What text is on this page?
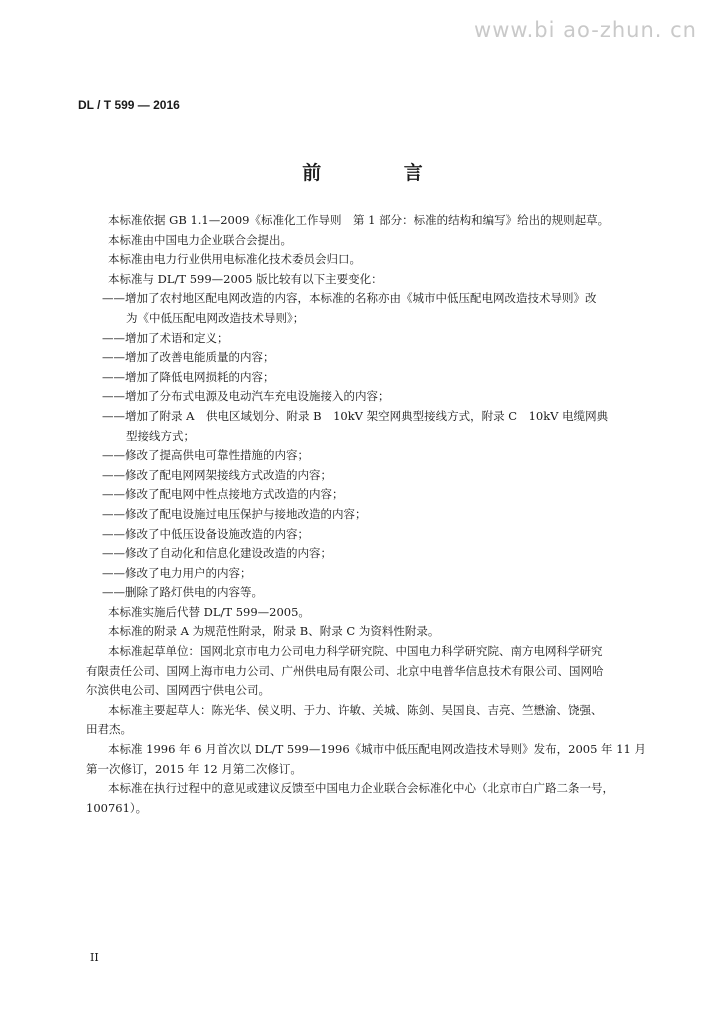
www.bi ao-zhun. cn
DL / T 599 — 2016
前 言
本标准依据 GB 1.1—2009《标准化工作导则　第 1 部分：标准的结构和编写》给出的规则起草。
本标准由中国电力企业联合会提出。
本标准由电力行业供用电标准化技术委员会归口。
本标准与 DL/T 599—2005 版比较有以下主要变化：
——增加了农村地区配电网改造的内容，本标准的名称亦由《城市中低压配电网改造技术导则》改
为《中低压配电网改造技术导则》；
——增加了术语和定义；
——增加了改善电能质量的内容；
——增加了降低电网损耗的内容；
——增加了分布式电源及电动汽车充电设施接入的内容；
——增加了附录 A　供电区域划分、附录 B　10kV 架空网典型接线方式，附录 C　10kV 电缆网典
型接线方式；
——修改了提高供电可靠性措施的内容；
——修改了配电网网架接线方式改造的内容；
——修改了配电网中性点接地方式改造的内容；
——修改了配电设施过电压保护与接地改造的内容；
——修改了中低压设备设施改造的内容；
——修改了自动化和信息化建设改造的内容；
——修改了电力用户的内容；
——删除了路灯供电的内容等。
本标准实施后代替 DL/T 599—2005。
本标准的附录 A 为规范性附录，附录 B、附录 C 为资料性附录。
本标准起草单位：国网北京市电力公司电力科学研究院、中国电力科学研究院、南方电网科学研究
有限责任公司、国网上海市电力公司、广州供电局有限公司、北京中电普华信息技术有限公司、国网哈
尔滨供电公司、国网西宁供电公司。
本标准主要起草人：陈光华、侯义明、于力、许敏、关城、陈剑、吴国良、吉亮、竺懋渝、饶强、
田君杰。
本标准 1996 年 6 月首次以 DL/T 599—1996《城市中低压配电网改造技术导则》发布，2005 年 11 月
第一次修订，2015 年 12 月第二次修订。
本标准在执行过程中的意见或建议反馈至中国电力企业联合会标准化中心（北京市白广路二条一号，
100761）。
II
